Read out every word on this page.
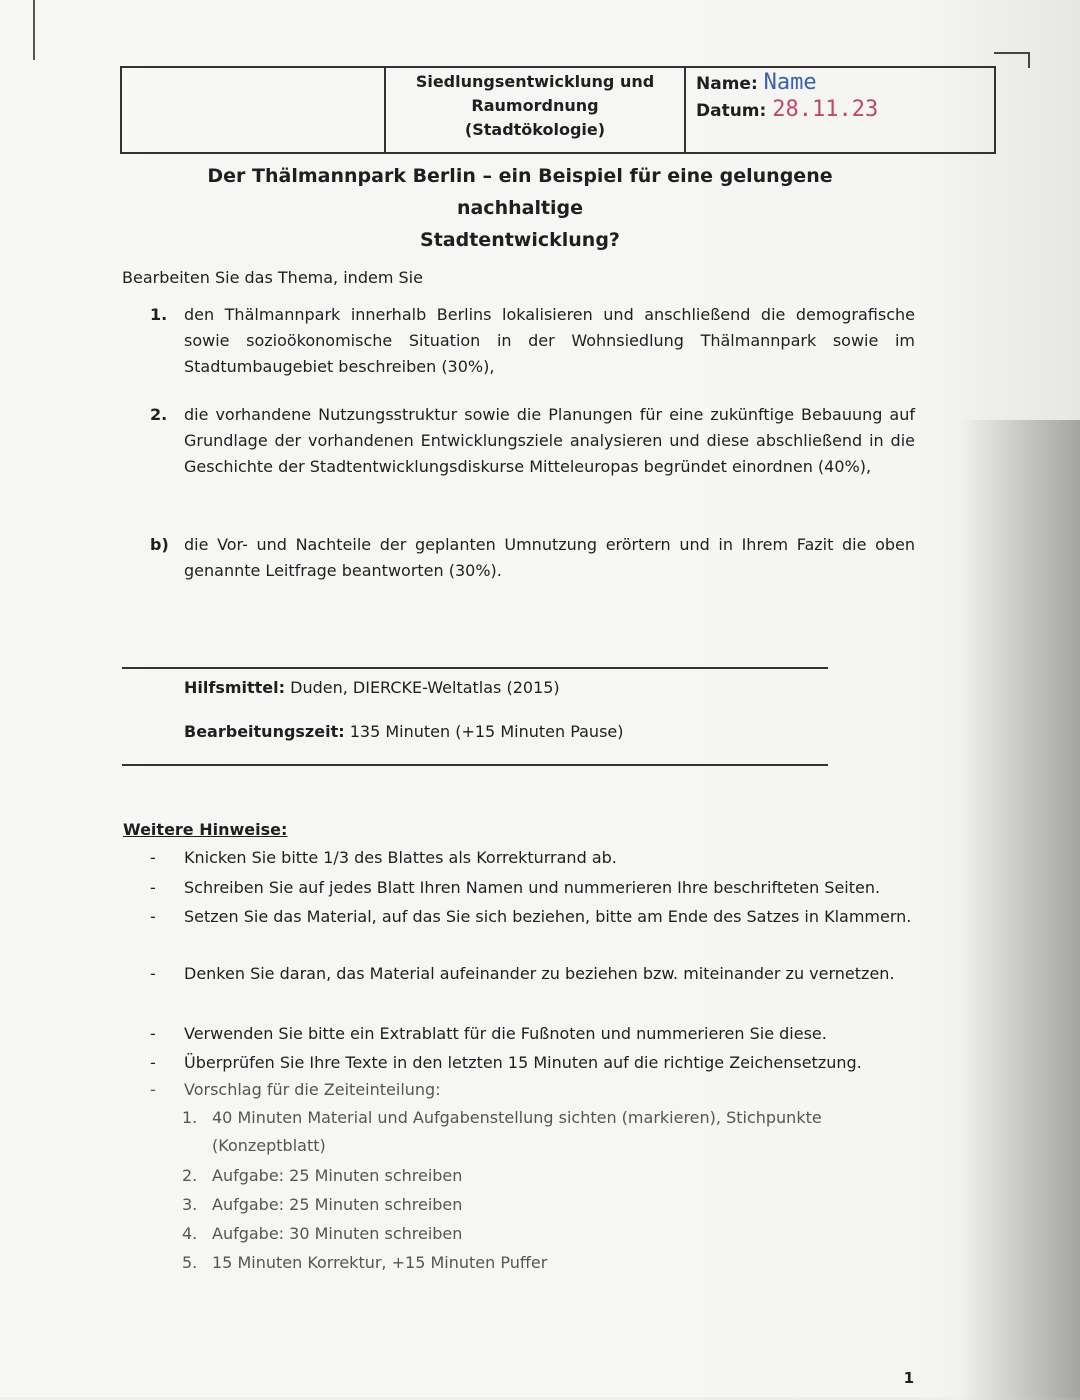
Siedlungsentwicklung und
Raumordnung
(Stadtökologie)
Name: Name
Datum: 28.11.23
Der Thälmannpark Berlin – ein Beispiel für eine gelungene nachhaltige
Stadtentwicklung?
Bearbeiten Sie das Thema, indem Sie
1.	den Thälmannpark innerhalb Berlins lokalisieren und anschließend die demografische sowie sozioökonomische Situation in der Wohnsiedlung Thälmannpark sowie im Stadtumbaugebiet beschreiben (30%),
2.	die vorhandene Nutzungsstruktur sowie die Planungen für eine zukünftige Bebauung auf Grundlage der vorhandenen Entwicklungsziele analysieren und diese abschließend in die Geschichte der Stadtentwicklungsdiskurse Mitteleuropas begründet einordnen (40%),
b) die Vor- und Nachteile der geplanten Umnutzung erörtern und in Ihrem Fazit die oben genannte Leitfrage beantworten (30%).
Hilfsmittel: Duden, DIERCKE-Weltatlas (2015)
Bearbeitungszeit: 135 Minuten (+15 Minuten Pause)
Weitere Hinweise:
-	Knicken Sie bitte 1/3 des Blattes als Korrekturrand ab.
-	Schreiben Sie auf jedes Blatt Ihren Namen und nummerieren Ihre beschrifteten Seiten.
-	Setzen Sie das Material, auf das Sie sich beziehen, bitte am Ende des Satzes in Klammern.
-	Denken Sie daran, das Material aufeinander zu beziehen bzw. miteinander zu vernetzen.
-	Verwenden Sie bitte ein Extrablatt für die Fußnoten und nummerieren Sie diese.
-	Überprüfen Sie Ihre Texte in den letzten 15 Minuten auf die richtige Zeichensetzung.
-	Vorschlag für die Zeiteinteilung:
1. 40 Minuten Material und Aufgabenstellung sichten (markieren), Stichpunkte (Konzeptblatt)
2. Aufgabe: 25 Minuten schreiben
3. Aufgabe: 25 Minuten schreiben
4. Aufgabe: 30 Minuten schreiben
5. 15 Minuten Korrektur, +15 Minuten Puffer
1
